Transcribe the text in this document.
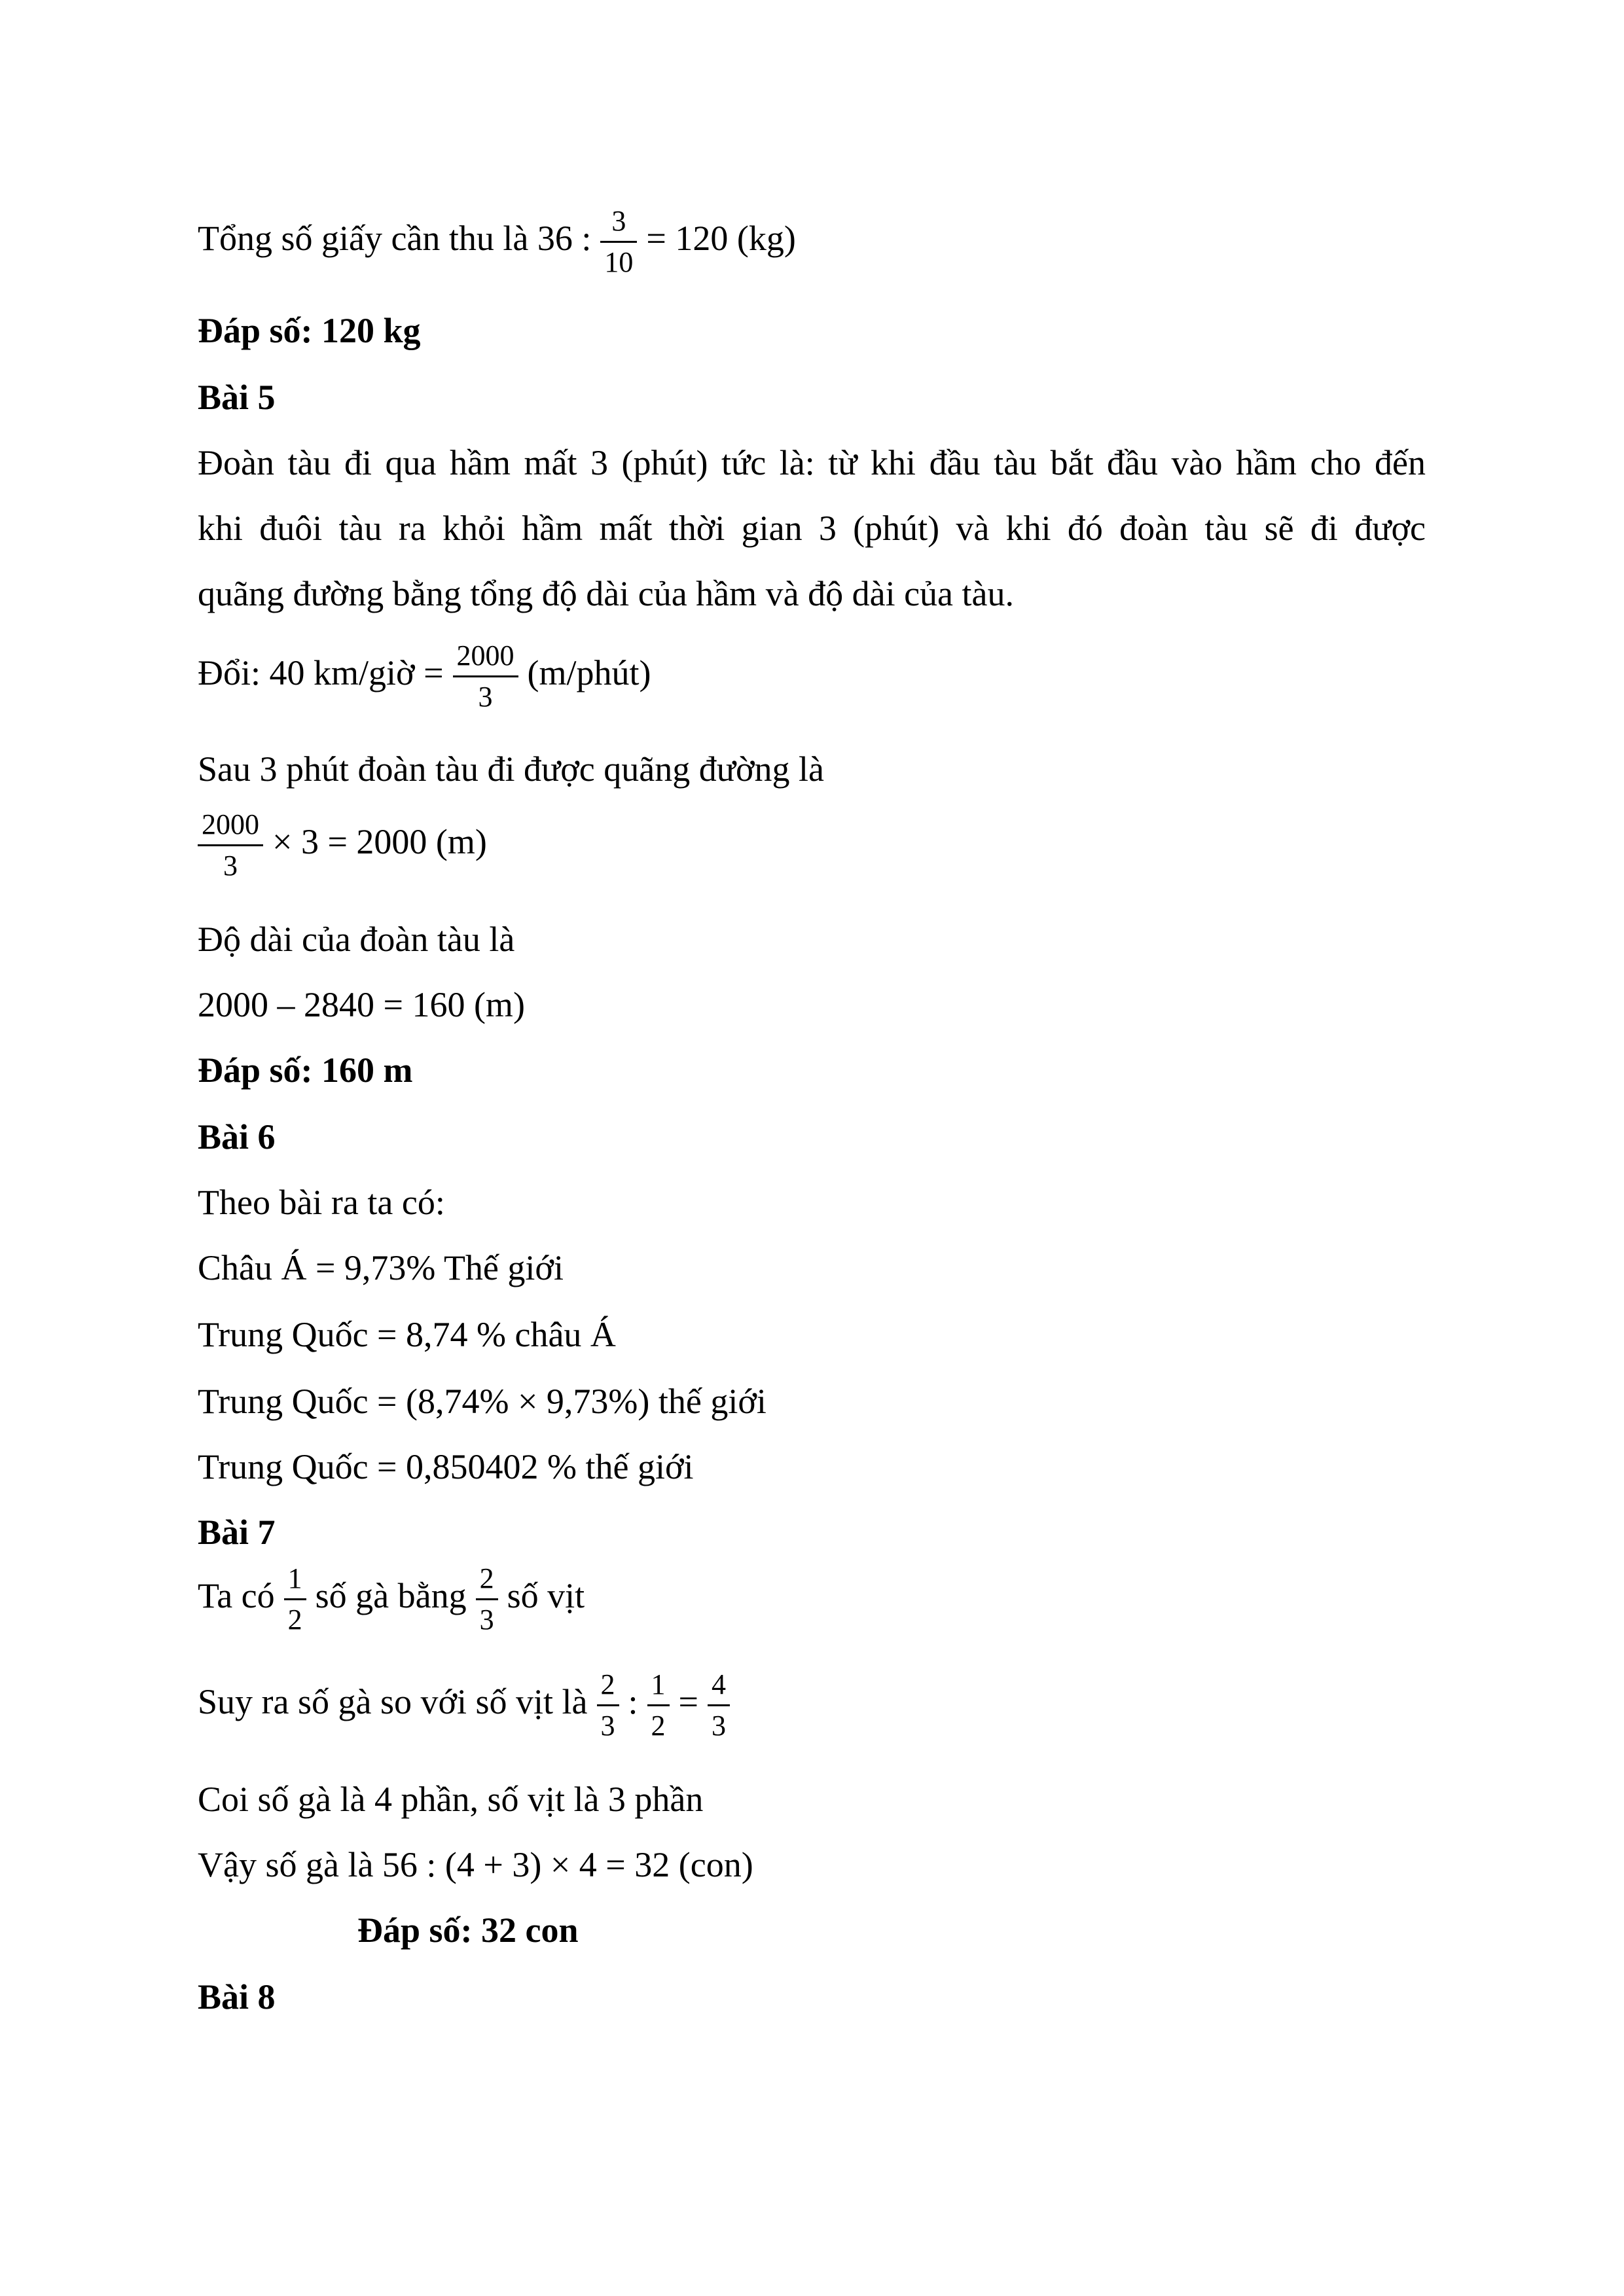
Tổng số giấy cần thu là 36 : $\frac{3}{10} = 120$ (kg)
Đáp số: 120 kg
Bài 5
Đoàn tàu đi qua hầm mất 3 (phút) tức là: từ khi đầu tàu bắt đầu vào hầm cho đến
khi đuôi tàu ra khỏi hầm mất thời gian 3 (phút) và khi đó đoàn tàu sẽ đi được
quãng đường bằng tổng độ dài của hầm và độ dài của tàu.
Đổi: 40 km/giờ = $\frac{2000}{3}$ (m/phút)
Sau 3 phút đoàn tàu đi được quãng đường là
$\frac{2000}{3} \times 3 = 2000$ (m)
Độ dài của đoàn tàu là
2000 – 2840 = 160 (m)
Đáp số: 160 m
Bài 6
Theo bài ra ta có:
Châu Á = 9,73% Thế giới
Trung Quốc = 8,74 % châu Á
Trung Quốc = (8,74% × 9,73%) thế giới
Trung Quốc = 0,850402 % thế giới
Bài 7
Ta có $\frac{1}{2}$ số gà bằng $\frac{2}{3}$ số vịt
Suy ra số gà so với số vịt là $\frac{2}{3}$ : $\frac{1}{2} = \frac{4}{3}$
Coi số gà là 4 phần, số vịt là 3 phần
Vậy số gà là 56 : (4 + 3) × 4 = 32 (con)
Đáp số: 32 con
Bài 8
